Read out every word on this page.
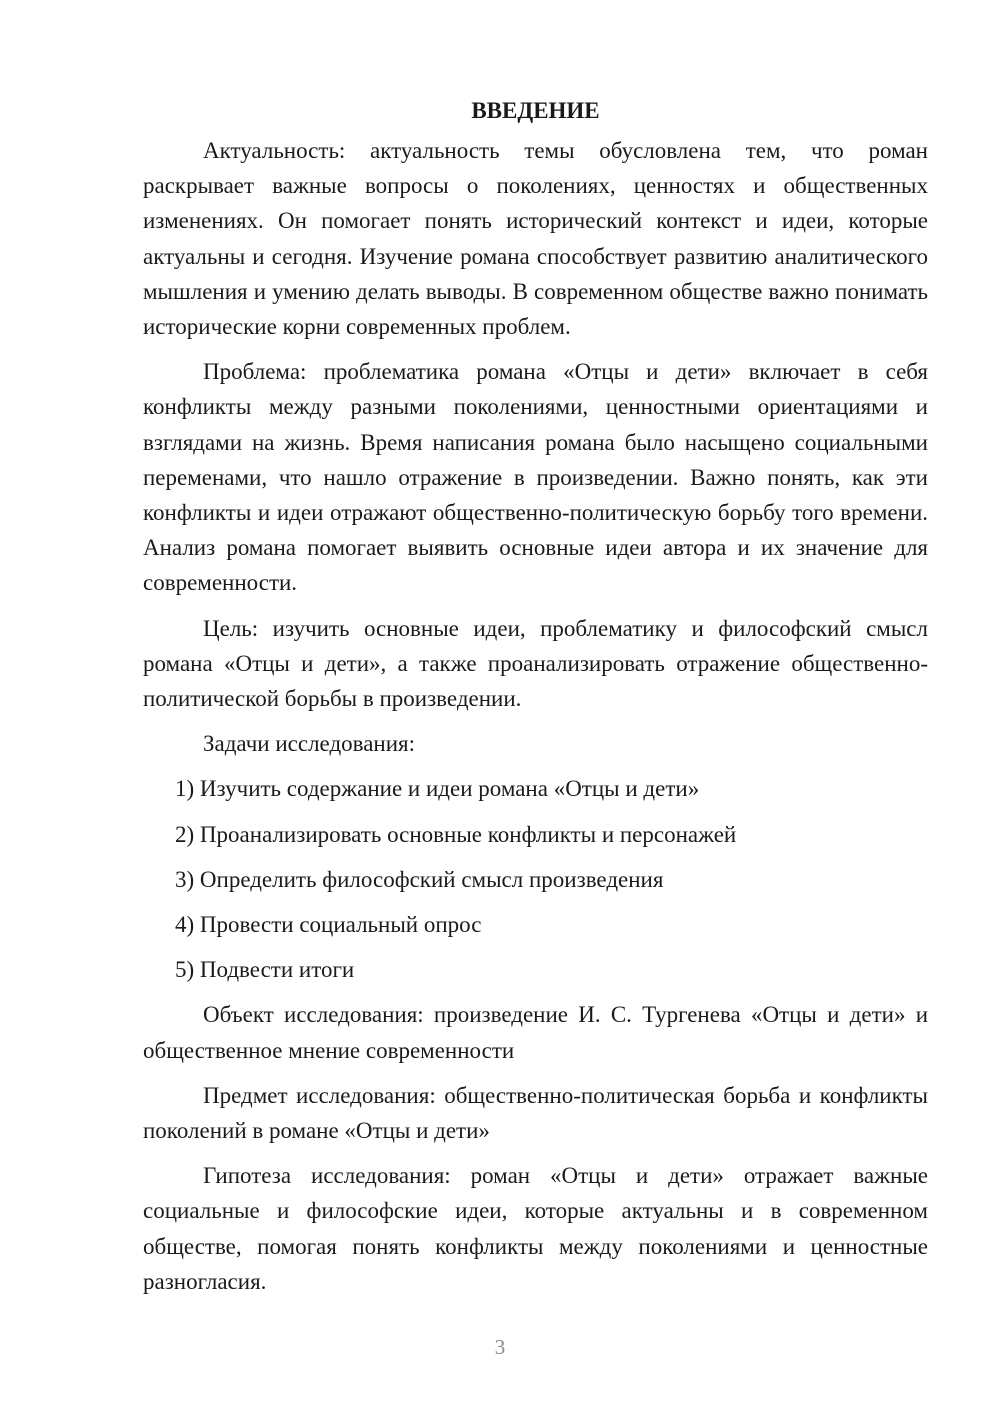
ВВЕДЕНИЕ

Актуальность: актуальность темы обусловлена тем, что роман раскрывает важные вопросы о поколениях, ценностях и общественных изменениях. Он помогает понять исторический контекст и идеи, которые актуальны и сегодня. Изучение романа способствует развитию аналитического мышления и умению делать выводы. В современном обществе важно понимать исторические корни современных проблем.

Проблема: проблематика романа «Отцы и дети» включает в себя конфликты между разными поколениями, ценностными ориентациями и взглядами на жизнь. Время написания романа было насыщено социальными переменами, что нашло отражение в произведении. Важно понять, как эти конфликты и идеи отражают общественно-политическую борьбу того времени. Анализ романа помогает выявить основные идеи автора и их значение для современности.

Цель: изучить основные идеи, проблематику и философский смысл романа «Отцы и дети», а также проанализировать отражение общественно-политической борьбы в произведении.

Задачи исследования:

1) Изучить содержание и идеи романа «Отцы и дети»

2) Проанализировать основные конфликты и персонажей

3) Определить философский смысл произведения

4) Провести социальный опрос

5) Подвести итоги

Объект исследования: произведение И. С. Тургенева «Отцы и дети» и общественное мнение современности

Предмет исследования: общественно-политическая борьба и конфликты поколений в романе «Отцы и дети»

Гипотеза исследования: роман «Отцы и дети» отражает важные социальные и философские идеи, которые актуальны и в современном обществе, помогая понять конфликты между поколениями и ценностные разногласия.

3
